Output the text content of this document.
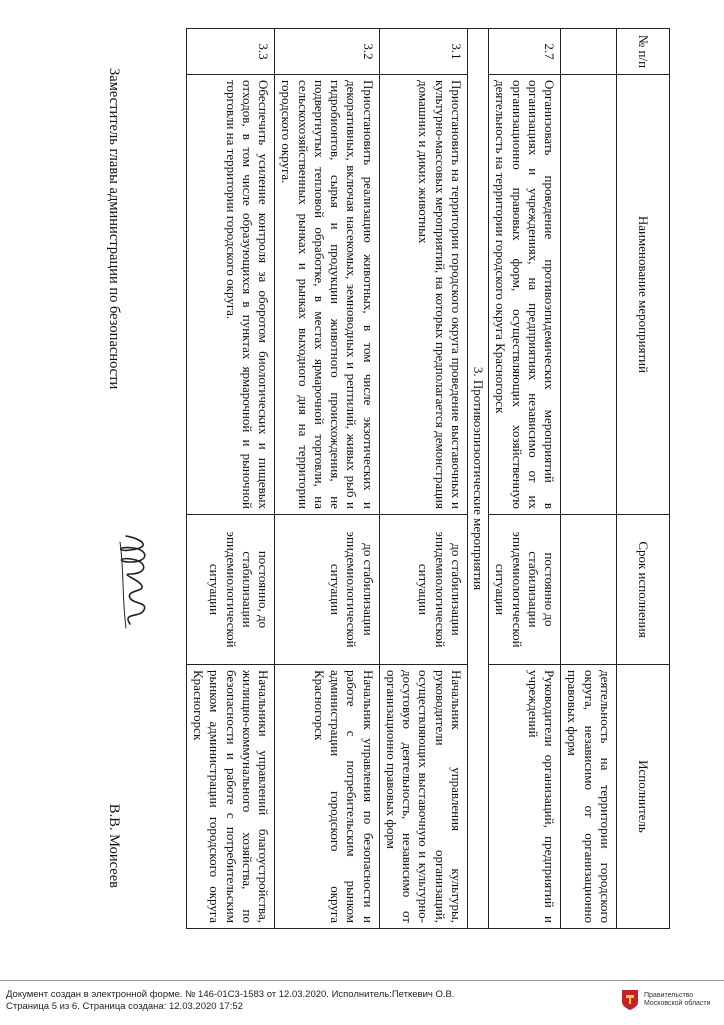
№ п/п	Наименование мероприятий	Срок исполнения	Исполнитель
			деятельность на территории городского округа, независимо от организационно правовых форм
2.7	Организовать проведение противоэпидемических мероприятий в организациях и учреждениях, на предприятиях независимо от их организационно правовых форм, осуществляющих хозяйственную деятельность на территории городского округа Красногорск	постоянно до стабилизации эпидемиологической ситуации	Руководители организаций, предприятий и учреждений
3. Противоэпизоотические мероприятия			
3.1	Приостановить на территории городского округа проведение выставочных и культурно-массовых мероприятий, на которых предполагается демонстрация домашних и диких животных	до стабилизации эпидемиологической ситуации	Начальник управления культуры, руководители организаций, осуществляющих выставочную и культурно-досуговую деятельность, независимо от организационно правовых форм
3.2	Приостановить реализацию животных, в том числе экзотических и декоративных, включая насекомых, земноводных и рептилий, живых рыб и гидробионтов, сырья и продукции животного происхождения, не подвергнутых тепловой обработке, в местах ярмарочной торговли, на сельскохозяйственных рынках и рынках выходного дня на территории городского округа.	до стабилизации эпидемиологической ситуации	Начальник управления по безопасности и работе с потребительским рынком администрации городского округа Красногорск
3.3	Обеспечить усиление контроля за оборотом биологических и пищевых отходов, в том числе образующихся в пунктах ярмарочной и рыночной торговли на территории городского округа.	постоянно, до стабилизации эпидемиологической ситуации	Начальники управлений благоустройства, жилищно-коммунального хозяйства, по безопасности и работе с потребительским рынком администрации городского округа Красногорск
Заместитель главы администрации по безопасности
В.В. Моисеев
Документ создан в электронной форме. № 146-01С3-1583 от 12.03.2020. Исполнитель:Петкевич О.В.
Страница 5 из 6. Страница создана: 12.03.2020 17:52
Правительство Московской области
